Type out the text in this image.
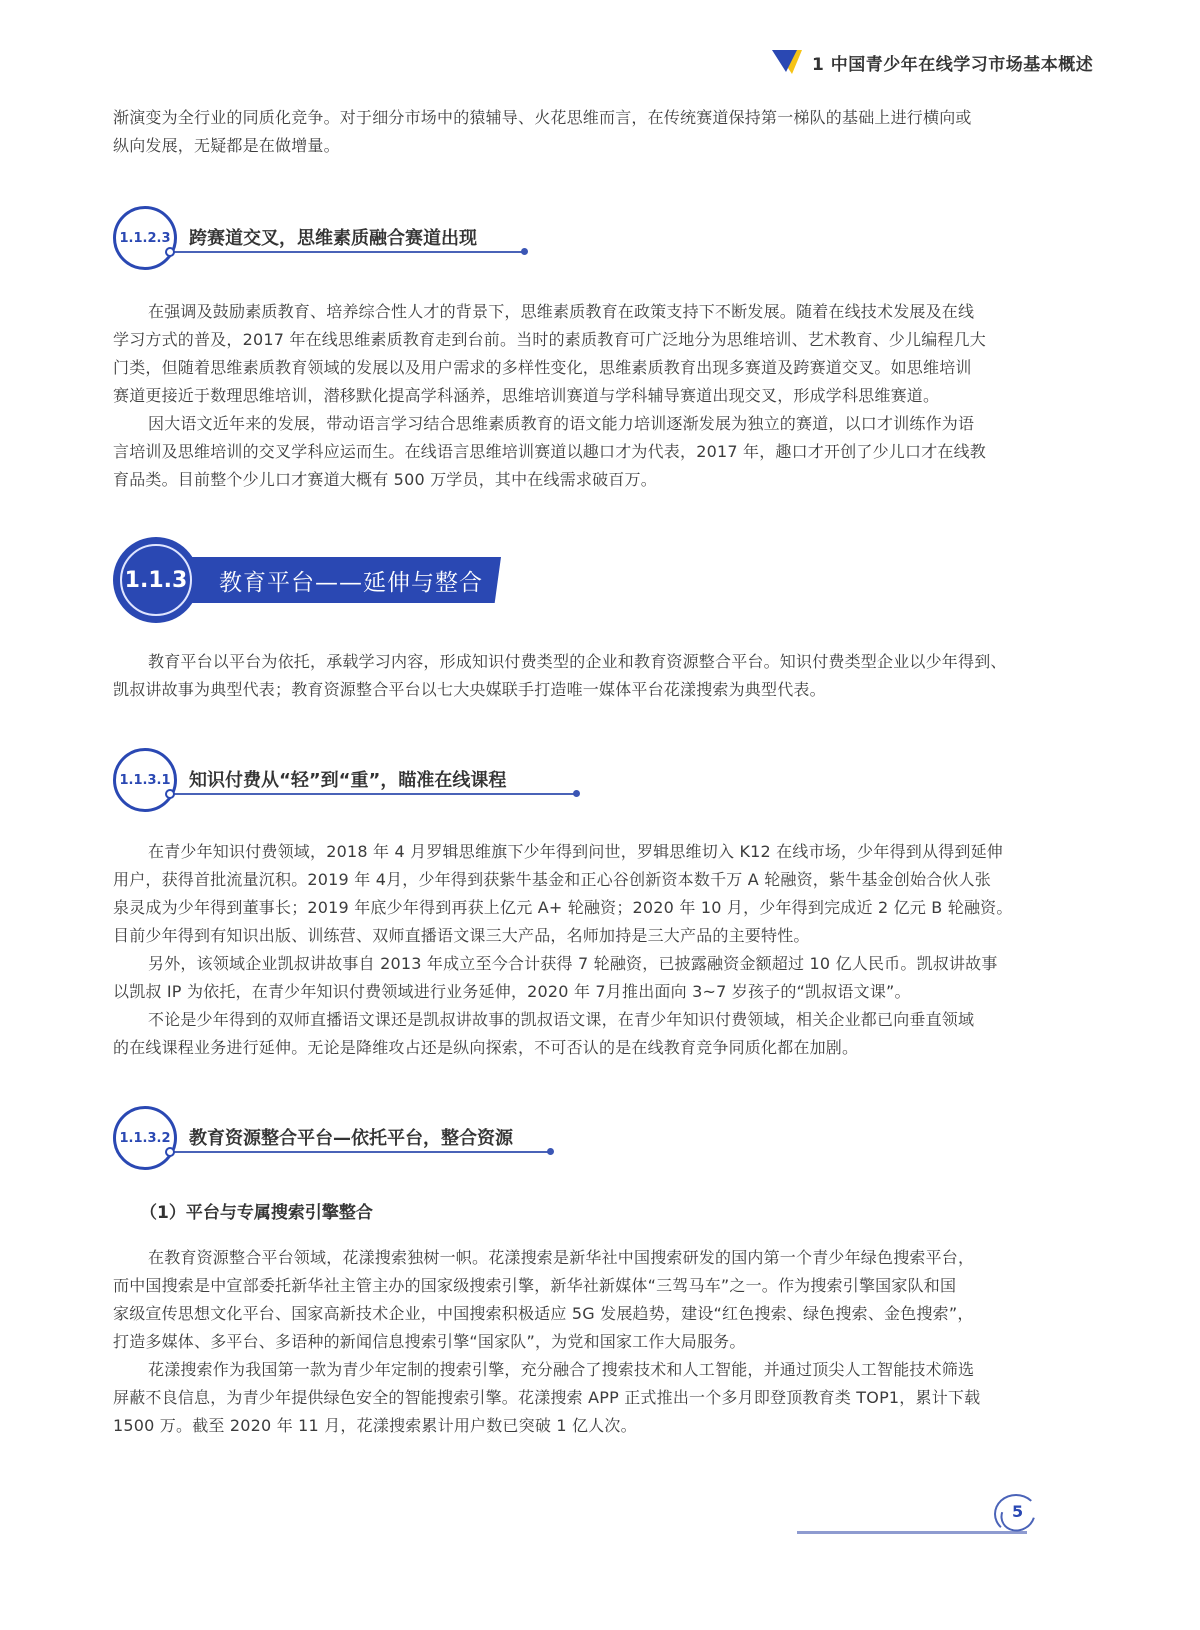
1 中国青少年在线学习市场基本概述
渐演变为全行业的同质化竞争。对于细分市场中的猿辅导、火花思维而言，在传统赛道保持第一梯队的基础上进行横向或
纵向发展，无疑都是在做增量。
1.1.2.3	跨赛道交叉，思维素质融合赛道出现
在强调及鼓励素质教育、培养综合性人才的背景下，思维素质教育在政策支持下不断发展。随着在线技术发展及在线
学习方式的普及，2017 年在线思维素质教育走到台前。当时的素质教育可广泛地分为思维培训、艺术教育、少儿编程几大
门类，但随着思维素质教育领域的发展以及用户需求的多样性变化，思维素质教育出现多赛道及跨赛道交叉。如思维培训
赛道更接近于数理思维培训，潜移默化提高学科涵养，思维培训赛道与学科辅导赛道出现交叉，形成学科思维赛道。
因大语文近年来的发展，带动语言学习结合思维素质教育的语文能力培训逐渐发展为独立的赛道，以口才训练作为语
言培训及思维培训的交叉学科应运而生。在线语言思维培训赛道以趣口才为代表，2017 年，趣口才开创了少儿口才在线教
育品类。目前整个少儿口才赛道大概有 500 万学员，其中在线需求破百万。
教育平台——延伸与整合
1.1.3
教育平台以平台为依托，承载学习内容，形成知识付费类型的企业和教育资源整合平台。知识付费类型企业以少年得到、
凯叔讲故事为典型代表；教育资源整合平台以七大央媒联手打造唯一媒体平台花漾搜索为典型代表。
1.1.3.1	知识付费从“轻”到“重”，瞄准在线课程
在青少年知识付费领域，2018 年 4 月罗辑思维旗下少年得到问世，罗辑思维切入 K12 在线市场，少年得到从得到延伸
用户，获得首批流量沉积。2019 年 4月，少年得到获紫牛基金和正心谷创新资本数千万 A 轮融资，紫牛基金创始合伙人张
泉灵成为少年得到董事长；2019 年底少年得到再获上亿元 A+ 轮融资；2020 年 10 月，少年得到完成近 2 亿元 B 轮融资。
目前少年得到有知识出版、训练营、双师直播语文课三大产品，名师加持是三大产品的主要特性。
另外，该领域企业凯叔讲故事自 2013 年成立至今合计获得 7 轮融资，已披露融资金额超过 10 亿人民币。凯叔讲故事
以凯叔 IP 为依托，在青少年知识付费领域进行业务延伸，2020 年 7月推出面向 3~7 岁孩子的“凯叔语文课”。
不论是少年得到的双师直播语文课还是凯叔讲故事的凯叔语文课，在青少年知识付费领域，相关企业都已向垂直领域
的在线课程业务进行延伸。无论是降维攻占还是纵向探索，不可否认的是在线教育竞争同质化都在加剧。
1.1.3.2	教育资源整合平台—依托平台，整合资源
（1）平台与专属搜索引擎整合
在教育资源整合平台领域，花漾搜索独树一帜。花漾搜索是新华社中国搜索研发的国内第一个青少年绿色搜索平台，
而中国搜索是中宣部委托新华社主管主办的国家级搜索引擎，新华社新媒体“三驾马车”之一。作为搜索引擎国家队和国
家级宣传思想文化平台、国家高新技术企业，中国搜索积极适应 5G 发展趋势，建设“红色搜索、绿色搜索、金色搜索”，
打造多媒体、多平台、多语种的新闻信息搜索引擎“国家队”，为党和国家工作大局服务。
花漾搜索作为我国第一款为青少年定制的搜索引擎，充分融合了搜索技术和人工智能，并通过顶尖人工智能技术筛选
屏蔽不良信息，为青少年提供绿色安全的智能搜索引擎。花漾搜索 APP 正式推出一个多月即登顶教育类 TOP1，累计下载
1500 万。截至 2020 年 11 月，花漾搜索累计用户数已突破 1 亿人次。
5
